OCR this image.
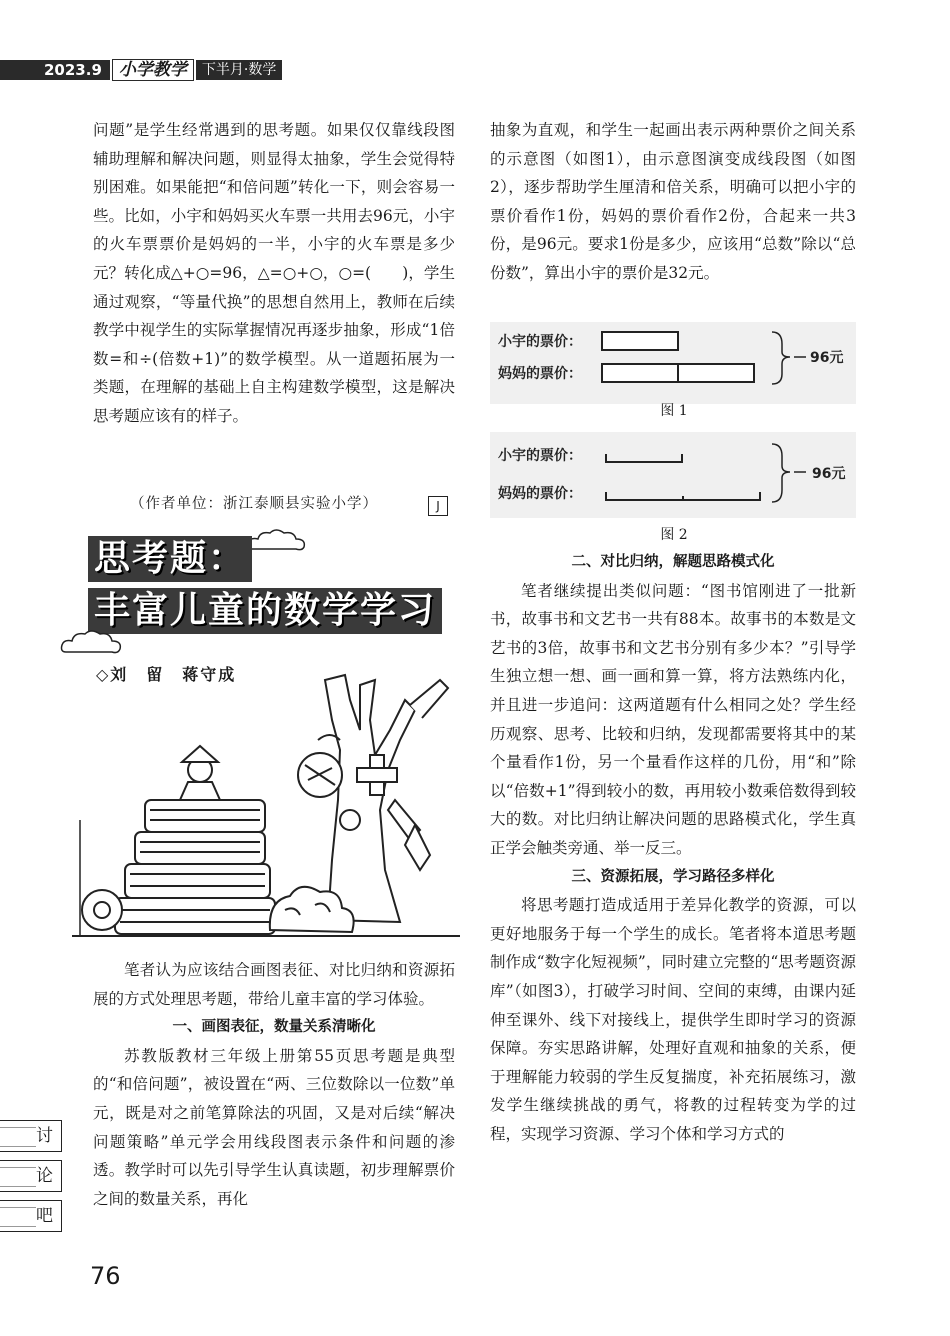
2023.9	小学教学	下半月·数学

问题”是学生经常遇到的思考题。如果仅仅靠线段图辅助理解和解决问题，则显得太抽象，学生会觉得特别困难。如果能把“和倍问题”转化一下，则会容易一些。比如，小宇和妈妈买火车票一共用去96元，小宇的火车票票价是妈妈的一半，小宇的火车票是多少元？转化成△+○=96，△=○+○，○=(　　)，学生通过观察，“等量代换”的思想自然用上，教师在后续教学中视学生的实际掌握情况再逐步抽象，形成“1倍数=和÷(倍数+1)”的数学模型。从一道题拓展为一类题，在理解的基础上自主构建数学模型，这是解决思考题应该有的样子。

（作者单位：浙江泰顺县实验小学）	J
思考题：
丰富儿童的数学学习
◇刘　留　蒋守成

笔者认为应该结合画图表征、对比归纳和资源拓展的方式处理思考题，带给儿童丰富的学习体验。

一、画图表征，数量关系清晰化

苏教版教材三年级上册第55页思考题是典型的“和倍问题”，被设置在“两、三位数除以一位数”单元，既是对之前笔算除法的巩固，又是对后续“解决问题策略”单元学会用线段图表示条件和问题的渗透。教学时可以先引导学生认真读题，初步理解票价之间的数量关系，再化

抽象为直观，和学生一起画出表示两种票价之间关系的示意图（如图1），由示意图演变成线段图（如图2），逐步帮助学生厘清和倍关系，明确可以把小宇的票价看作1份，妈妈的票价看作2份，合起来一共3份，是96元。要求1份是多少，应该用“总数”除以“总份数”，算出小宇的票价是32元。

小宇的票价：
妈妈的票价：
96元
图 1
小宇的票价：
妈妈的票价：
96元
图 2

二、对比归纳，解题思路模式化

笔者继续提出类似问题：“图书馆刚进了一批新书，故事书和文艺书一共有88本。故事书的本数是文艺书的3倍，故事书和文艺书分别有多少本？”引导学生独立想一想、画一画和算一算，将方法熟练内化，并且进一步追问：这两道题有什么相同之处？学生经历观察、思考、比较和归纳，发现都需要将其中的某个量看作1份，另一个量看作这样的几份，用“和”除以“倍数+1”得到较小的数，再用较小数乘倍数得到较大的数。对比归纳让解决问题的思路模式化，学生真正学会触类旁通、举一反三。

三、资源拓展，学习路径多样化

将思考题打造成适用于差异化教学的资源，可以更好地服务于每一个学生的成长。笔者将本道思考题制作成“数字化短视频”，同时建立完整的“思考题资源库”（如图3），打破学习时间、空间的束缚，由课内延伸至课外、线下对接线上，提供学生即时学习的资源保障。夯实思路讲解，处理好直观和抽象的关系，便于理解能力较弱的学生反复揣度，补充拓展练习，激发学生继续挑战的勇气，将教的过程转变为学的过程，实现学习资源、学习个体和学习方式的

讨
论
吧
76
